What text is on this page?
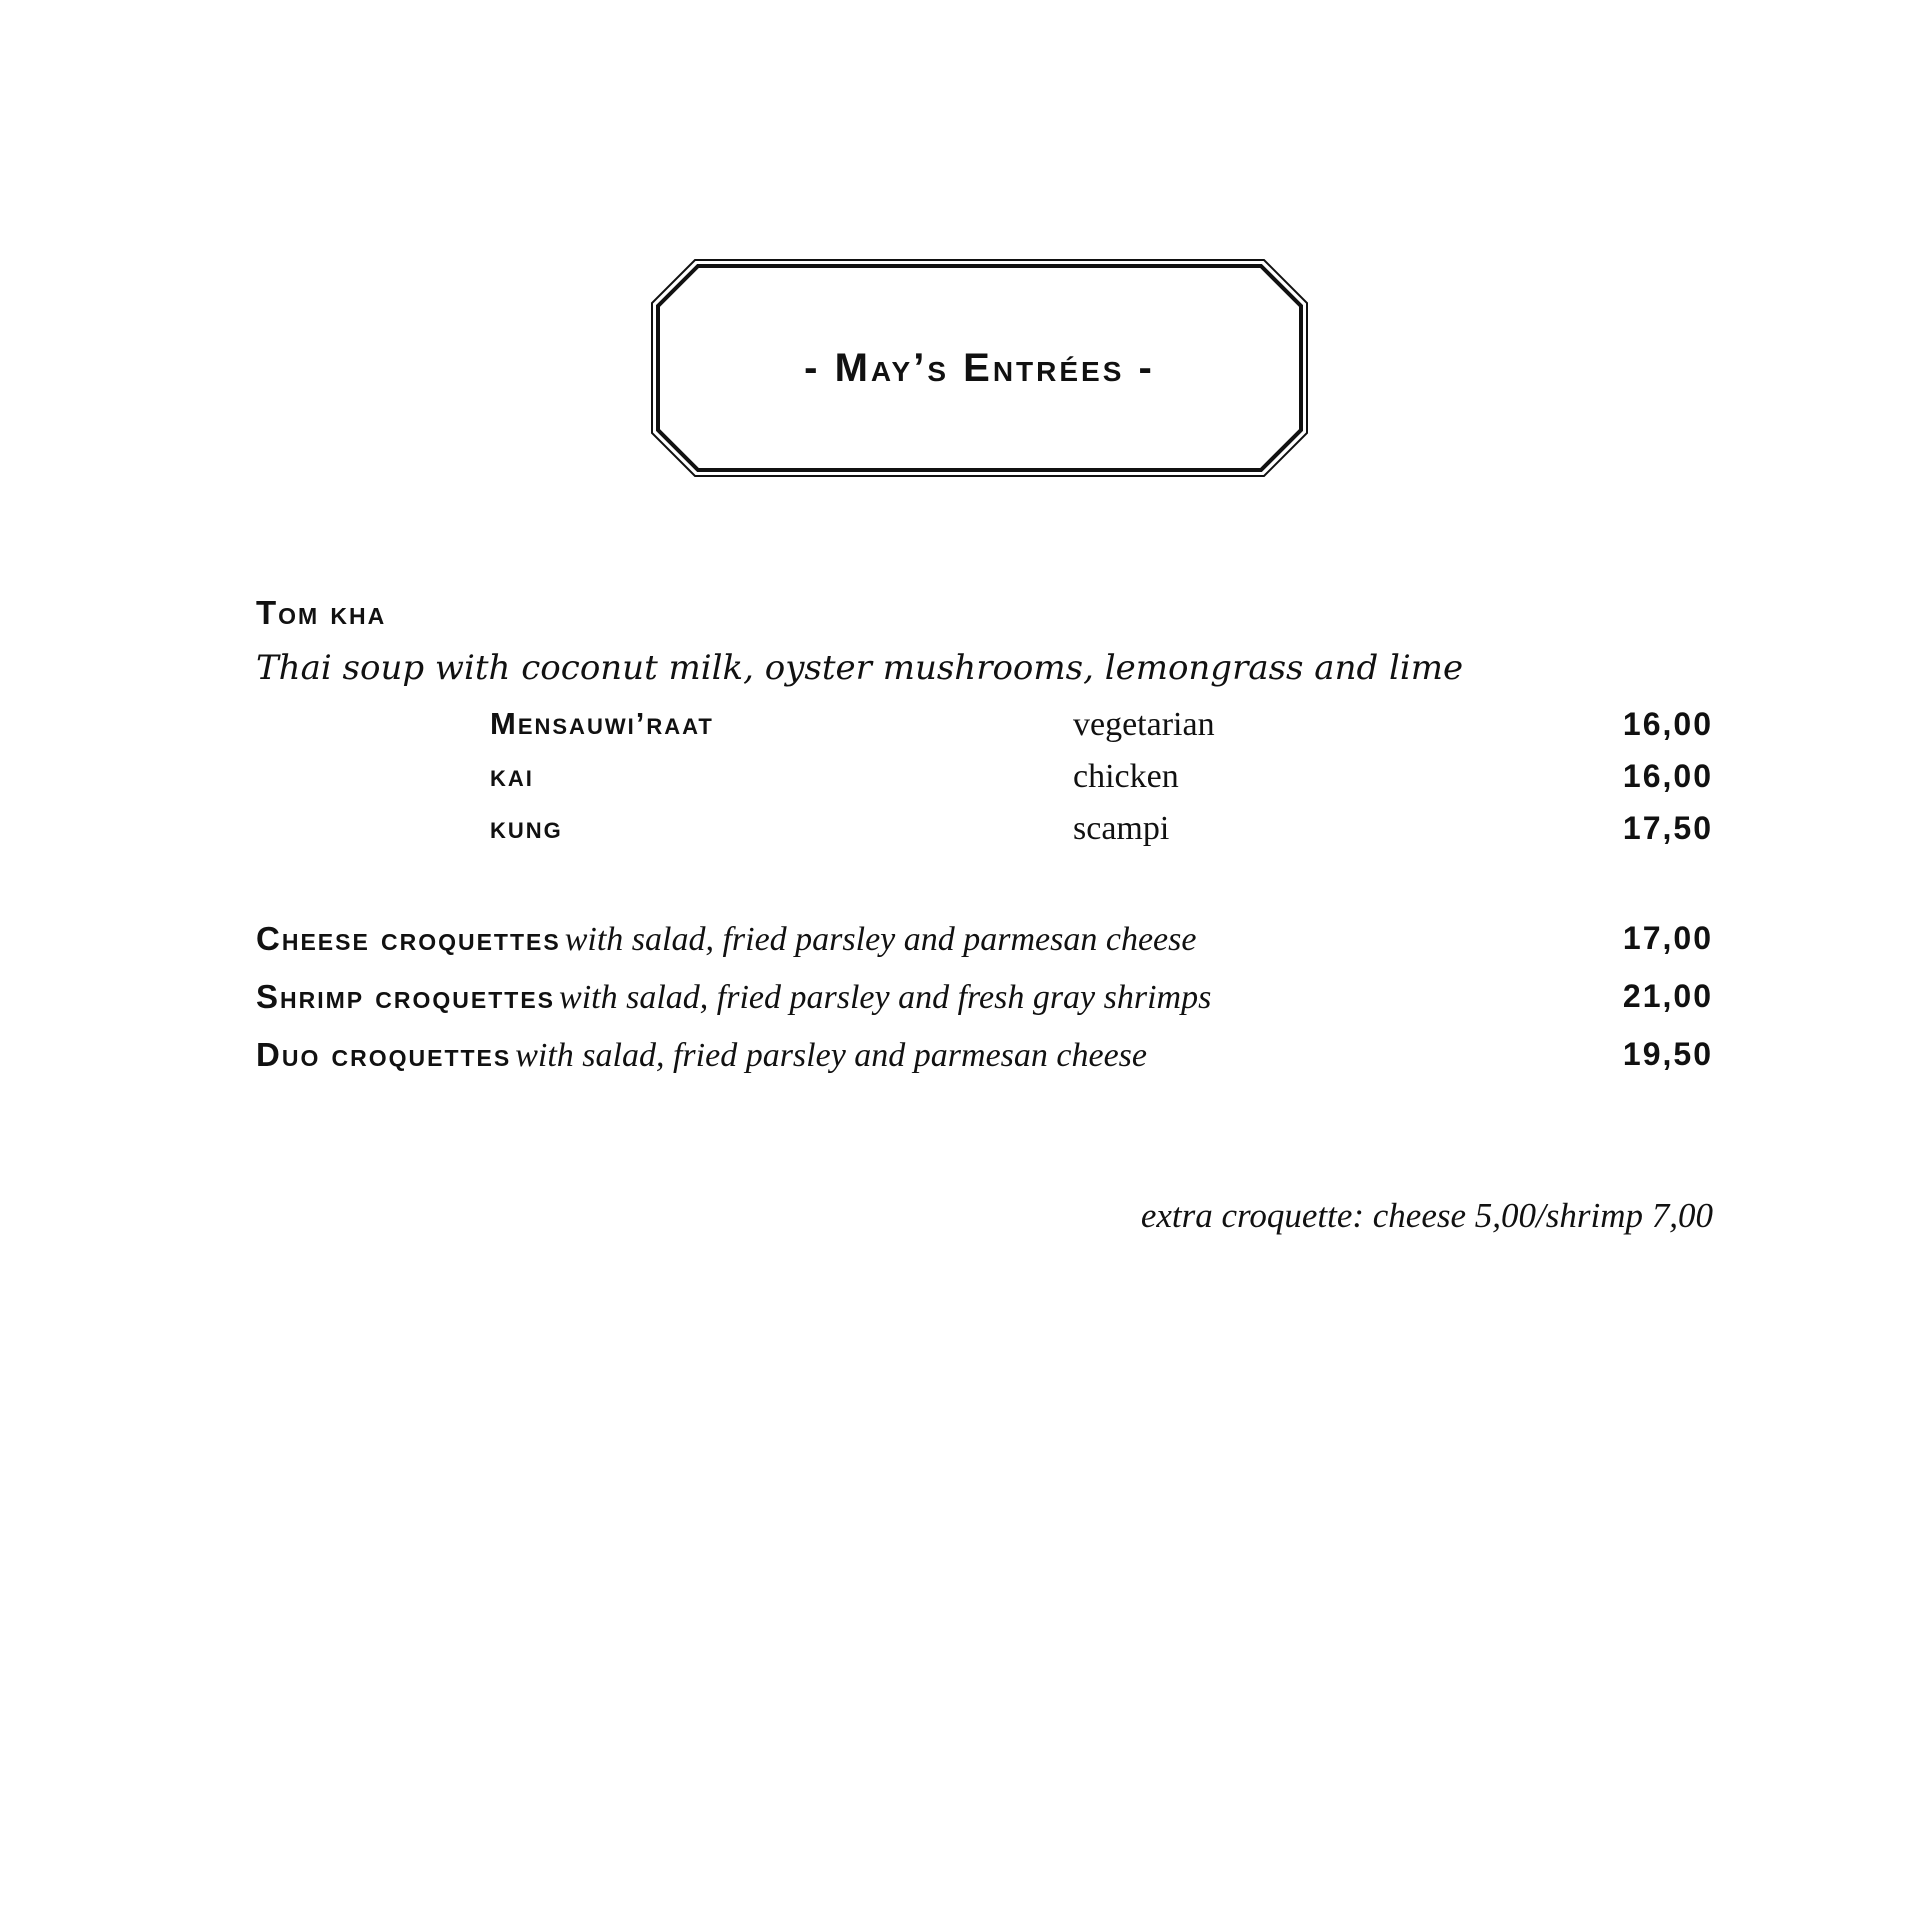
- May’s Entrées -
Tom kha
Thai soup with coconut milk, oyster mushrooms, lemongrass and lime
Mensauwi’raat	vegetarian	16,00
kai	chicken	16,00
kung	scampi	17,50
Cheese croquettes with salad, fried parsley and parmesan cheese	17,00
Shrimp croquettes with salad, fried parsley and fresh gray shrimps	21,00
Duo croquettes with salad, fried parsley and parmesan cheese	19,50
extra croquette: cheese 5,00/shrimp 7,00
